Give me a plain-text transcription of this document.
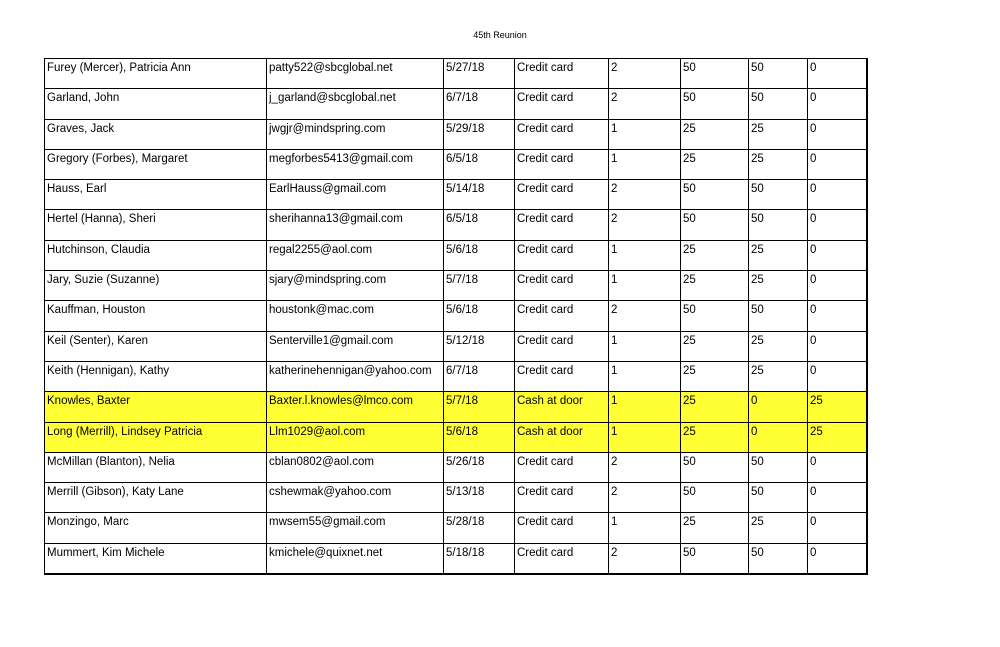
45th Reunion
Furey (Mercer), Patricia Ann	patty522@sbcglobal.net	5/27/18	Credit card	2	50	50	0
Garland, John	j_garland@sbcglobal.net	6/7/18	Credit card	2	50	50	0
Graves, Jack	jwgjr@mindspring.com	5/29/18	Credit card	1	25	25	0
Gregory (Forbes), Margaret	megforbes5413@gmail.com	6/5/18	Credit card	1	25	25	0
Hauss, Earl	EarlHauss@gmail.com	5/14/18	Credit card	2	50	50	0
Hertel (Hanna), Sheri	sherihanna13@gmail.com	6/5/18	Credit card	2	50	50	0
Hutchinson, Claudia	regal2255@aol.com	5/6/18	Credit card	1	25	25	0
Jary, Suzie (Suzanne)	sjary@mindspring.com	5/7/18	Credit card	1	25	25	0
Kauffman, Houston	houstonk@mac.com	5/6/18	Credit card	2	50	50	0
Keil (Senter), Karen	Senterville1@gmail.com	5/12/18	Credit card	1	25	25	0
Keith (Hennigan), Kathy	katherinehennigan@yahoo.com	6/7/18	Credit card	1	25	25	0
Knowles, Baxter	Baxter.l.knowles@lmco.com	5/7/18	Cash at door	1	25	0	25
Long (Merrill), Lindsey Patricia	Llm1029@aol.com	5/6/18	Cash at door	1	25	0	25
McMillan (Blanton), Nelia	cblan0802@aol.com	5/26/18	Credit card	2	50	50	0
Merrill (Gibson), Katy Lane	cshewmak@yahoo.com	5/13/18	Credit card	2	50	50	0
Monzingo, Marc	mwsem55@gmail.com	5/28/18	Credit card	1	25	25	0
Mummert, Kim Michele	kmichele@quixnet.net	5/18/18	Credit card	2	50	50	0
